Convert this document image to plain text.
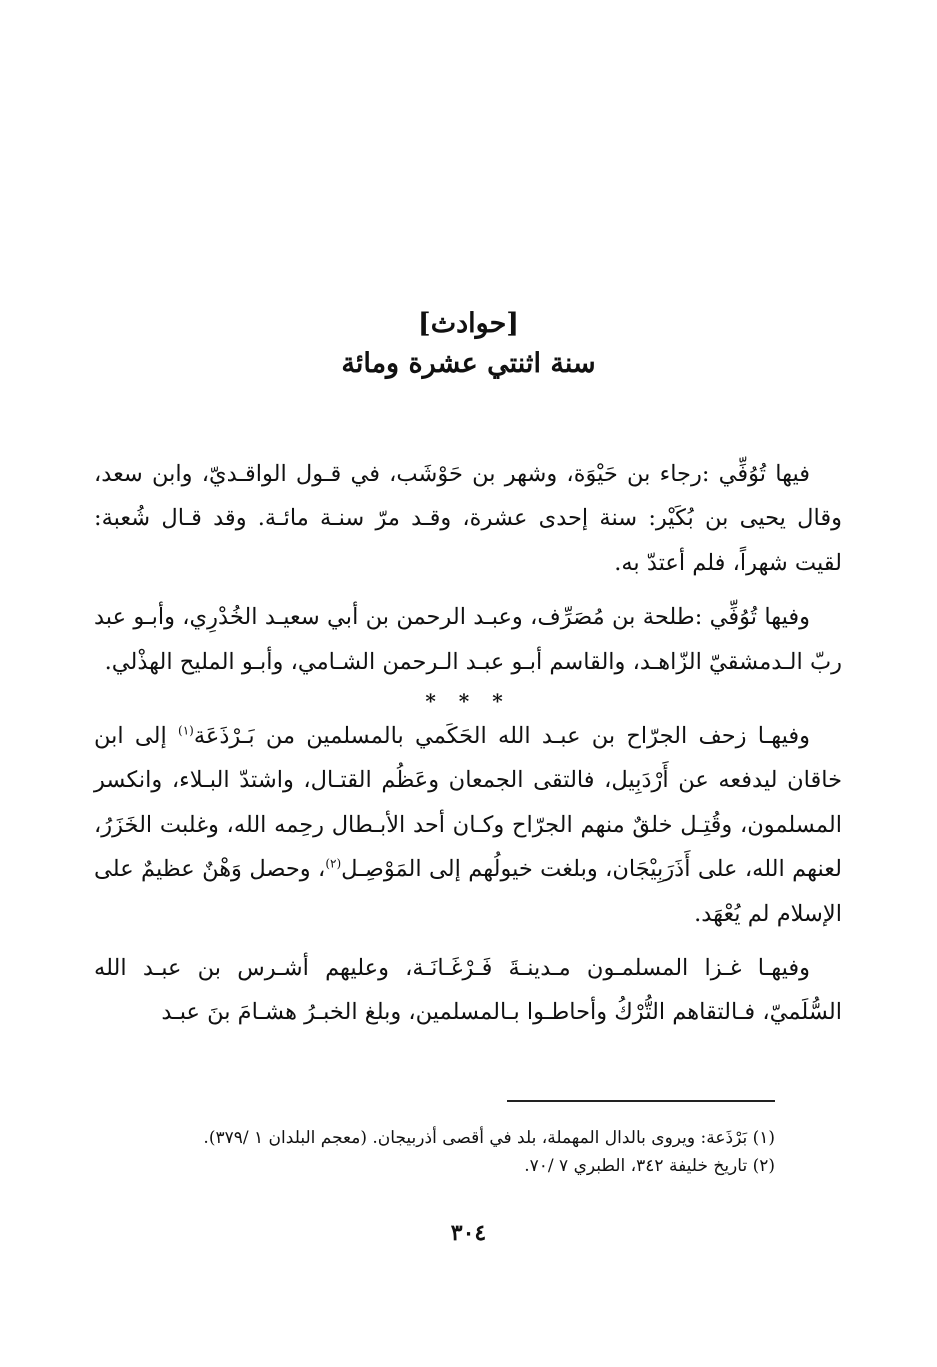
[حوادث]
سنة اثنتي عشرة ومائة

فيها تُوُفِّي :رجاء بن حَيْوَة، وشهر بن حَوْشَب، في قـول الواقـديّ، وابن سعد، وقال يحيى بن بُكَيْر: سنة إحدى عشرة، وقـد مرّ سنـة مائـة. وقد قـال شُعبة: لقيت شهراً، فلم أعتدّ به.

وفيها تُوُفِّي :طلحة بن مُصَرِّف، وعبـد الرحمن بن أبي سعيـد الخُدْرِي، وأبـو عبد ربّ الـدمشقيّ الزّاهـد، والقاسم أبـو عبـد الـرحمن الشـامي، وأبـو المليح الهذْلي.

* * *

وفيهـا زحف الجرّاح بن عبـد الله الحَكَمي بالمسلمين من بَـرْذَعَة$^{(١)}$ إلى ابن خاقان ليدفعه عن أَرْدَبِيل، فالتقى الجمعان وعَظُم القتـال، واشتدّ البـلاء، وانكسر المسلمون، وقُتِـل خلقٌ منهم الجرّاح وكـان أحد الأبـطال رحِمه الله، وغلبت الخَزَرُ، لعنهم الله، على أَذَرَبِيْجَان، وبلغت خيولُهم إلى المَوْصِـل$^{(٢)}$، وحصل وَهْنٌ عظيمٌ على الإسلام لم يُعْهَد.

وفيهـا غـزا المسلمـون مـدينـةَ فَـرْغَـانَـة، وعليهم أشـرس بن عبـد الله السُّلَميّ، فـالتقاهم التُّرْكُ وأحاطـوا بـالمسلمين، وبلغ الخبـرُ هشـامَ بنَ عبـد

(١) بَرْذَعة: ويروى بالدال المهملة، بلد في أقصى أذربيجان. (معجم البلدان ١ /٣٧٩).

(٢) تاريخ خليفة ٣٤٢، الطبري ٧ /٧٠.

٣٠٤
